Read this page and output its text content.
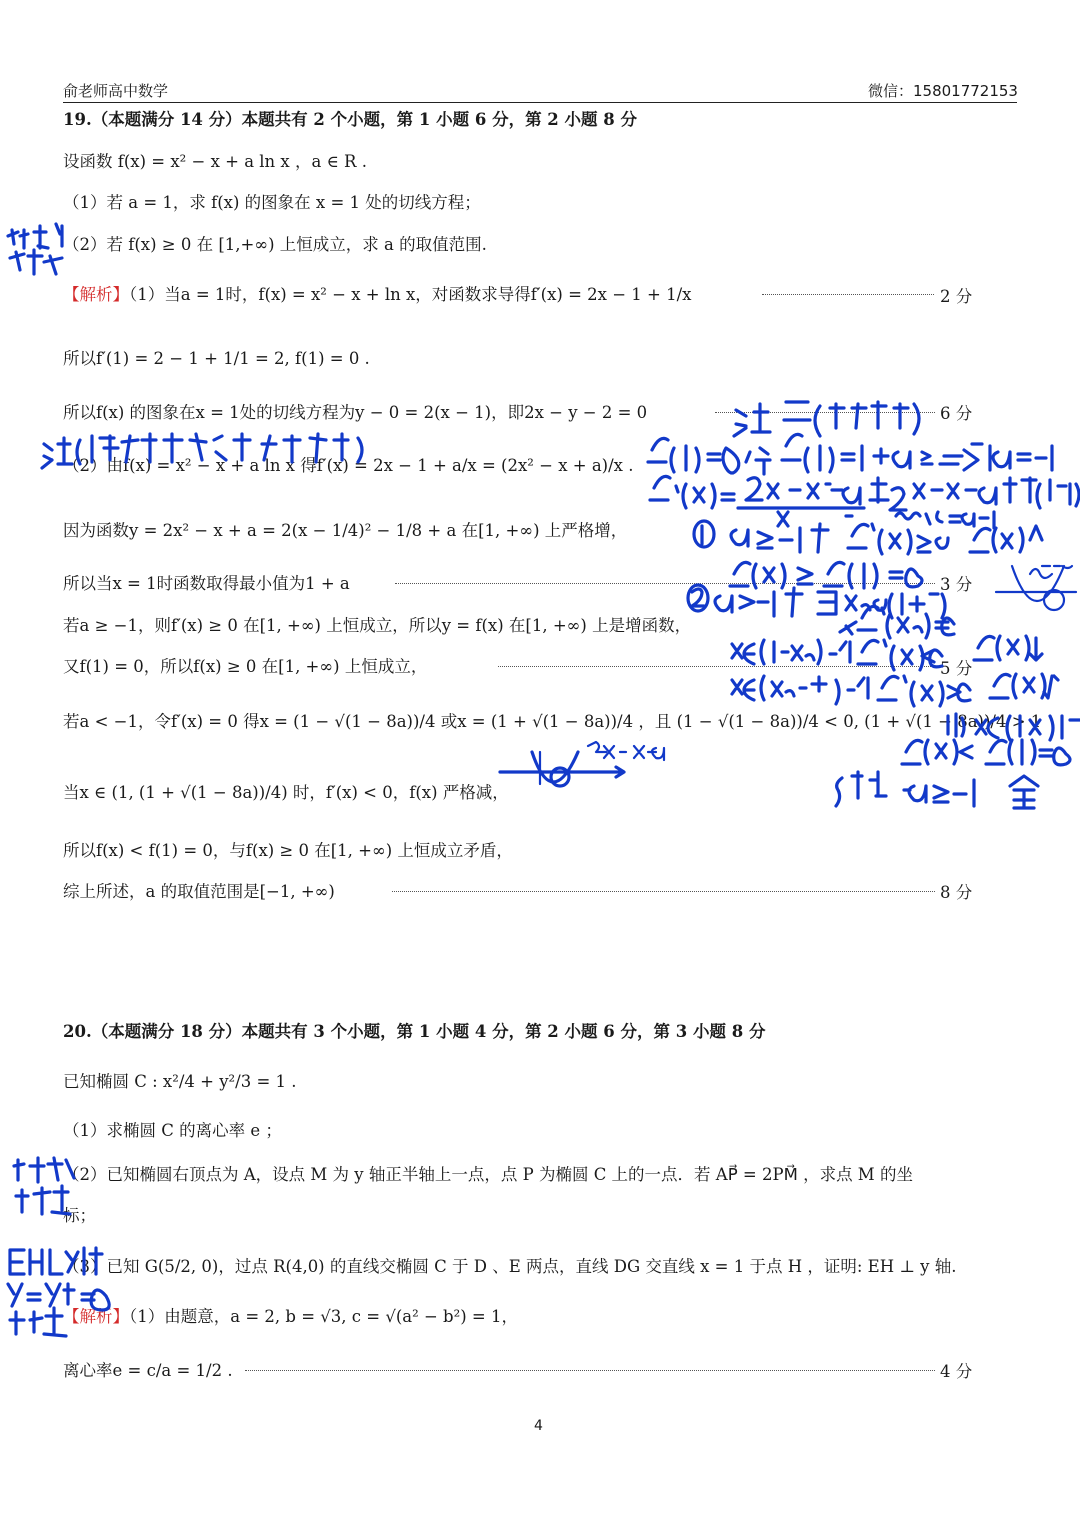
俞老师高中数学	微信：15801772153
19.（本题满分 14 分）本题共有 2 个小题，第 1 小题 6 分，第 2 小题 8 分
设函数 f(x) = x² − x + a ln x ，a ∈ R .
（1）若 a = 1，求 f(x) 的图象在 x = 1 处的切线方程；
（2）若 f(x) ≥ 0 在 [1,+∞) 上恒成立，求 a 的取值范围.
【解析】（1）当a = 1时，f(x) = x² − x + ln x，对函数求导得f′(x) = 2x − 1 + 1/x	2 分
所以f′(1) = 2 − 1 + 1/1 = 2, f(1) = 0 .
所以f(x) 的图象在x = 1处的切线方程为y − 0 = 2(x − 1)，即2x − y − 2 = 0	6 分
（2）由f(x) = x² − x + a ln x 得f′(x) = 2x − 1 + a/x = (2x² − x + a)/x .
因为函数y = 2x² − x + a = 2(x − 1/4)² − 1/8 + a 在[1, +∞) 上严格增，
所以当x = 1时函数取得最小值为1 + a	3 分
若a ≥ −1，则f′(x) ≥ 0 在[1, +∞) 上恒成立，所以y = f(x) 在[1, +∞) 上是增函数，
又f(1) = 0，所以f(x) ≥ 0 在[1, +∞) 上恒成立，	5 分
若a < −1，令f′(x) = 0 得x = (1 − √(1 − 8a))/4 或x = (1 + √(1 − 8a))/4 ，且 (1 − √(1 − 8a))/4 < 0, (1 + √(1 − 8a))/4 > 1
当x ∈ (1, (1 + √(1 − 8a))/4) 时，f′(x) < 0，f(x) 严格减，
所以f(x) < f(1) = 0，与f(x) ≥ 0 在[1, +∞) 上恒成立矛盾，
综上所述，a 的取值范围是[−1, +∞)	8 分
20.（本题满分 18 分）本题共有 3 个小题，第 1 小题 4 分，第 2 小题 6 分，第 3 小题 8 分
已知椭圆 C : x²/4 + y²/3 = 1 .
（1）求椭圆 C 的离心率 e ；
（2）已知椭圆右顶点为 A，设点 M 为 y 轴正半轴上一点，点 P 为椭圆 C 上的一点．若 AP⃗ = 2PM⃗ ，求点 M 的坐
标；
（3）已知 G(5/2, 0)，过点 R(4,0) 的直线交椭圆 C 于 D 、E 两点，直线 DG 交直线 x = 1 于点 H ，证明: EH ⊥ y 轴.
【解析】（1）由题意，a = 2, b = √3, c = √(a² − b²) = 1，
离心率e = c/a = 1/2 .	4 分
4
